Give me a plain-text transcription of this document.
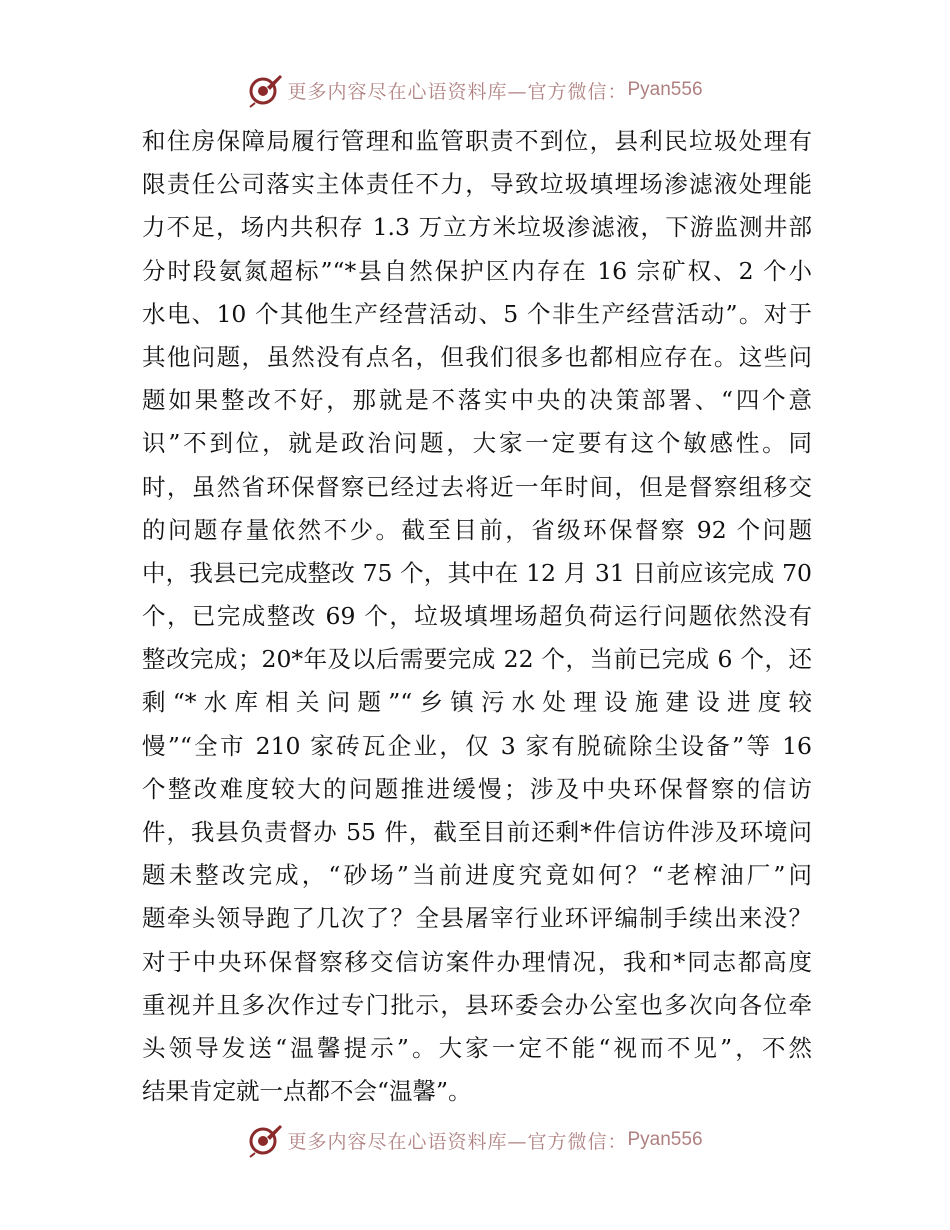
更多内容尽在心语资料库—官方微信： Pyan556
和住房保障局履行管理和监管职责不到位，县利民垃圾处理有
限责任公司落实主体责任不力，导致垃圾填埋场渗滤液处理能
力不足，场内共积存 1.3 万立方米垃圾渗滤液，下游监测井部
分时段氨氮超标”“*县自然保护区内存在 16 宗矿权、2 个小
水电、10 个其他生产经营活动、5 个非生产经营活动”。对于
其他问题，虽然没有点名，但我们很多也都相应存在。这些问
题如果整改不好，那就是不落实中央的决策部署、“四个意
识”不到位，就是政治问题，大家一定要有这个敏感性。同
时，虽然省环保督察已经过去将近一年时间，但是督察组移交
的问题存量依然不少。截至目前，省级环保督察 92 个问题
中，我县已完成整改 75 个，其中在 12 月 31 日前应该完成 70
个，已完成整改 69 个，垃圾填埋场超负荷运行问题依然没有
整改完成；20*年及以后需要完成 22 个，当前已完成 6 个，还
剩“*水库相关问题”“乡镇污水处理设施建设进度较
慢”“全市 210 家砖瓦企业，仅 3 家有脱硫除尘设备”等 16
个整改难度较大的问题推进缓慢；涉及中央环保督察的信访
件，我县负责督办 55 件，截至目前还剩*件信访件涉及环境问
题未整改完成，“砂场”当前进度究竟如何？“老榨油厂”问
题牵头领导跑了几次了？全县屠宰行业环评编制手续出来没？
对于中央环保督察移交信访案件办理情况，我和*同志都高度
重视并且多次作过专门批示，县环委会办公室也多次向各位牵
头领导发送“温馨提示”。大家一定不能“视而不见”，不然
结果肯定就一点都不会“温馨”。
更多内容尽在心语资料库—官方微信： Pyan556
